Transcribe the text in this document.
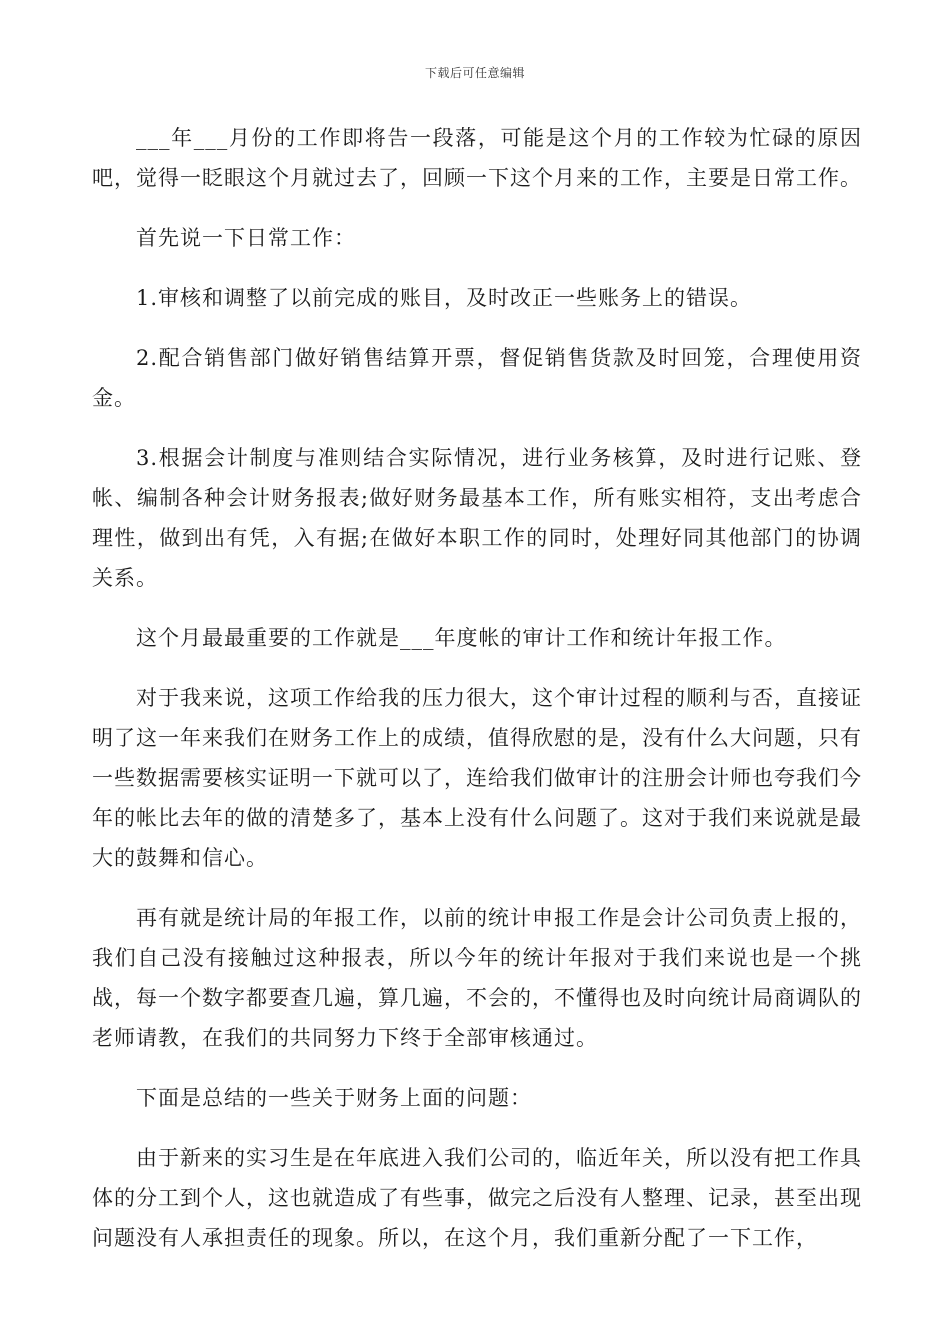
下载后可任意编辑

___年___月份的工作即将告一段落，可能是这个月的工作较为忙碌的原因吧，觉得一眨眼这个月就过去了，回顾一下这个月来的工作，主要是日常工作。

首先说一下日常工作：

1.审核和调整了以前完成的账目，及时改正一些账务上的错误。

2.配合销售部门做好销售结算开票，督促销售货款及时回笼，合理使用资金。

3.根据会计制度与准则结合实际情况，进行业务核算，及时进行记账、登帐、编制各种会计财务报表;做好财务最基本工作，所有账实相符，支出考虑合理性，做到出有凭，入有据;在做好本职工作的同时，处理好同其他部门的协调关系。

这个月最最重要的工作就是___年度帐的审计工作和统计年报工作。

对于我来说，这项工作给我的压力很大，这个审计过程的顺利与否，直接证明了这一年来我们在财务工作上的成绩，值得欣慰的是，没有什么大问题，只有一些数据需要核实证明一下就可以了，连给我们做审计的注册会计师也夸我们今年的帐比去年的做的清楚多了，基本上没有什么问题了。这对于我们来说就是最大的鼓舞和信心。

再有就是统计局的年报工作，以前的统计申报工作是会计公司负责上报的，我们自己没有接触过这种报表，所以今年的统计年报对于我们来说也是一个挑战，每一个数字都要查几遍，算几遍，不会的，不懂得也及时向统计局商调队的老师请教，在我们的共同努力下终于全部审核通过。

下面是总结的一些关于财务上面的问题：

由于新来的实习生是在年底进入我们公司的，临近年关，所以没有把工作具体的分工到个人，这也就造成了有些事，做完之后没有人整理、记录，甚至出现问题没有人承担责任的现象。所以，在这个月，我们重新分配了一下工作，
